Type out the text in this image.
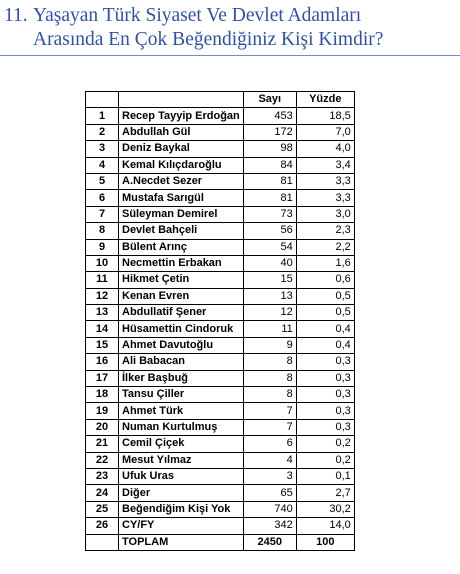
11. Yaşayan Türk Siyaset Ve Devlet Adamları
Arasında En Çok Beğendiğiniz Kişi Kimdir?
		Sayı	Yüzde
1	Recep Tayyip Erdoğan	453	18,5
2	Abdullah Gül	172	7,0
3	Deniz Baykal	98	4,0
4	Kemal Kılıçdaroğlu	84	3,4
5	A.Necdet Sezer	81	3,3
6	Mustafa Sarıgül	81	3,3
7	Süleyman Demirel	73	3,0
8	Devlet Bahçeli	56	2,3
9	Bülent Arınç	54	2,2
10	Necmettin Erbakan	40	1,6
11	Hikmet Çetin	15	0,6
12	Kenan Evren	13	0,5
13	Abdullatif Şener	12	0,5
14	Hüsamettin Cindoruk	11	0,4
15	Ahmet Davutoğlu	9	0,4
16	Ali Babacan	8	0,3
17	İlker Başbuğ	8	0,3
18	Tansu Çiller	8	0,3
19	Ahmet Türk	7	0,3
20	Numan Kurtulmuş	7	0,3
21	Cemil Çiçek	6	0,2
22	Mesut Yılmaz	4	0,2
23	Ufuk Uras	3	0,1
24	Diğer	65	2,7
25	Beğendiğim Kişi Yok	740	30,2
26	CY/FY	342	14,0
	TOPLAM	2450	100
